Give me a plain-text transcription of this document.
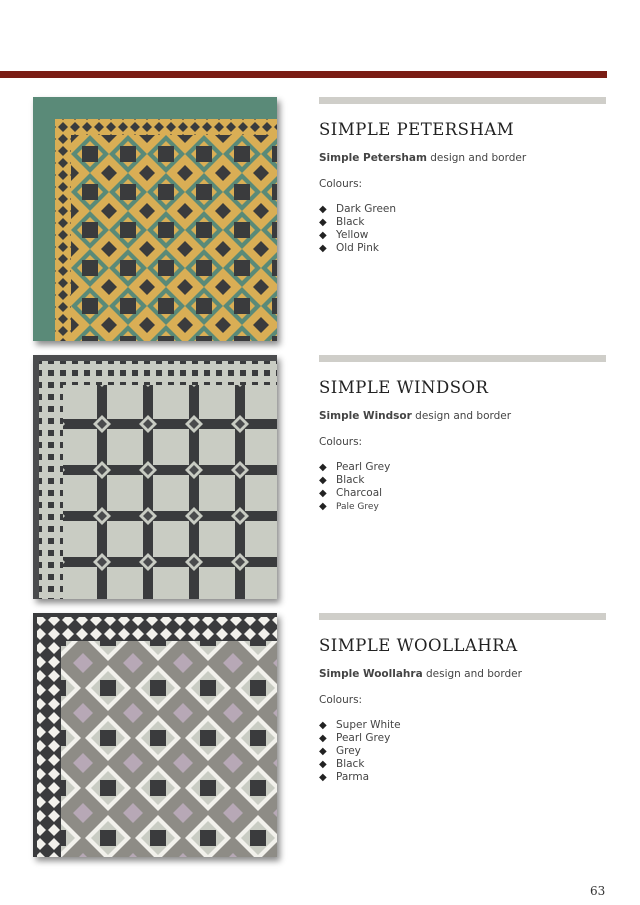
SIMPLE PETERSHAM
Simple Petersham design and border
Colours:
◆ Dark Green
◆ Black
◆ Yellow
◆ Old Pink
SIMPLE WINDSOR
Simple Windsor design and border
Colours:
◆ Pearl Grey
◆ Black
◆ Charcoal
◆ Pale Grey
SIMPLE WOOLLAHRA
Simple Woollahra design and border
Colours:
◆ Super White
◆ Pearl Grey
◆ Grey
◆ Black
◆ Parma
63
